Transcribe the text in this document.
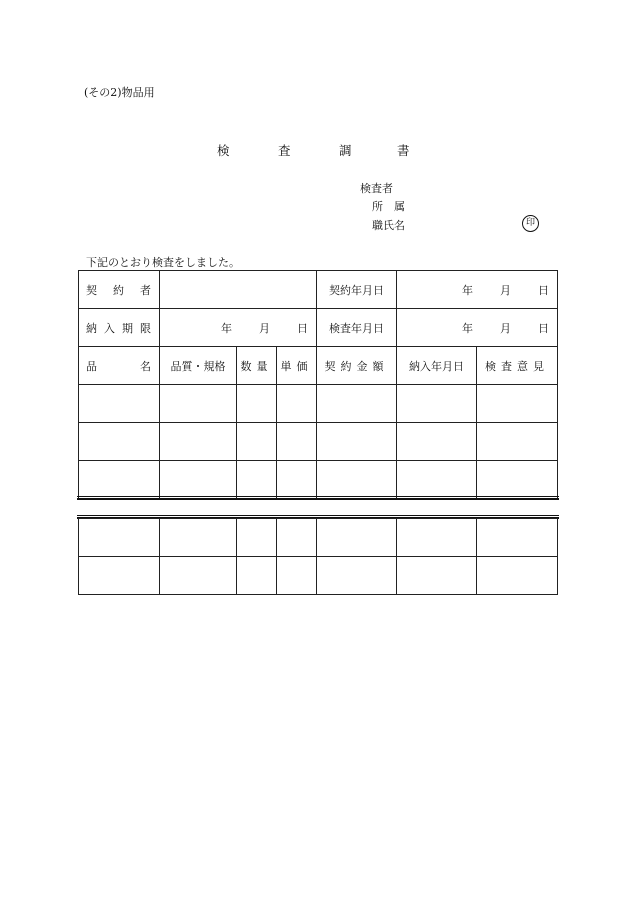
(その2)物品用
検	査	調	書
検査者
所　属
職氏名	印
下記のとおり検査をしました。
契 約 者				契約年月日	年 月 日	

納 入 期 限	年 月 日			検査年月日	年 月 日	

品 名	品質・規格	数量	単価	契約金額	納入年月日	検査意見
